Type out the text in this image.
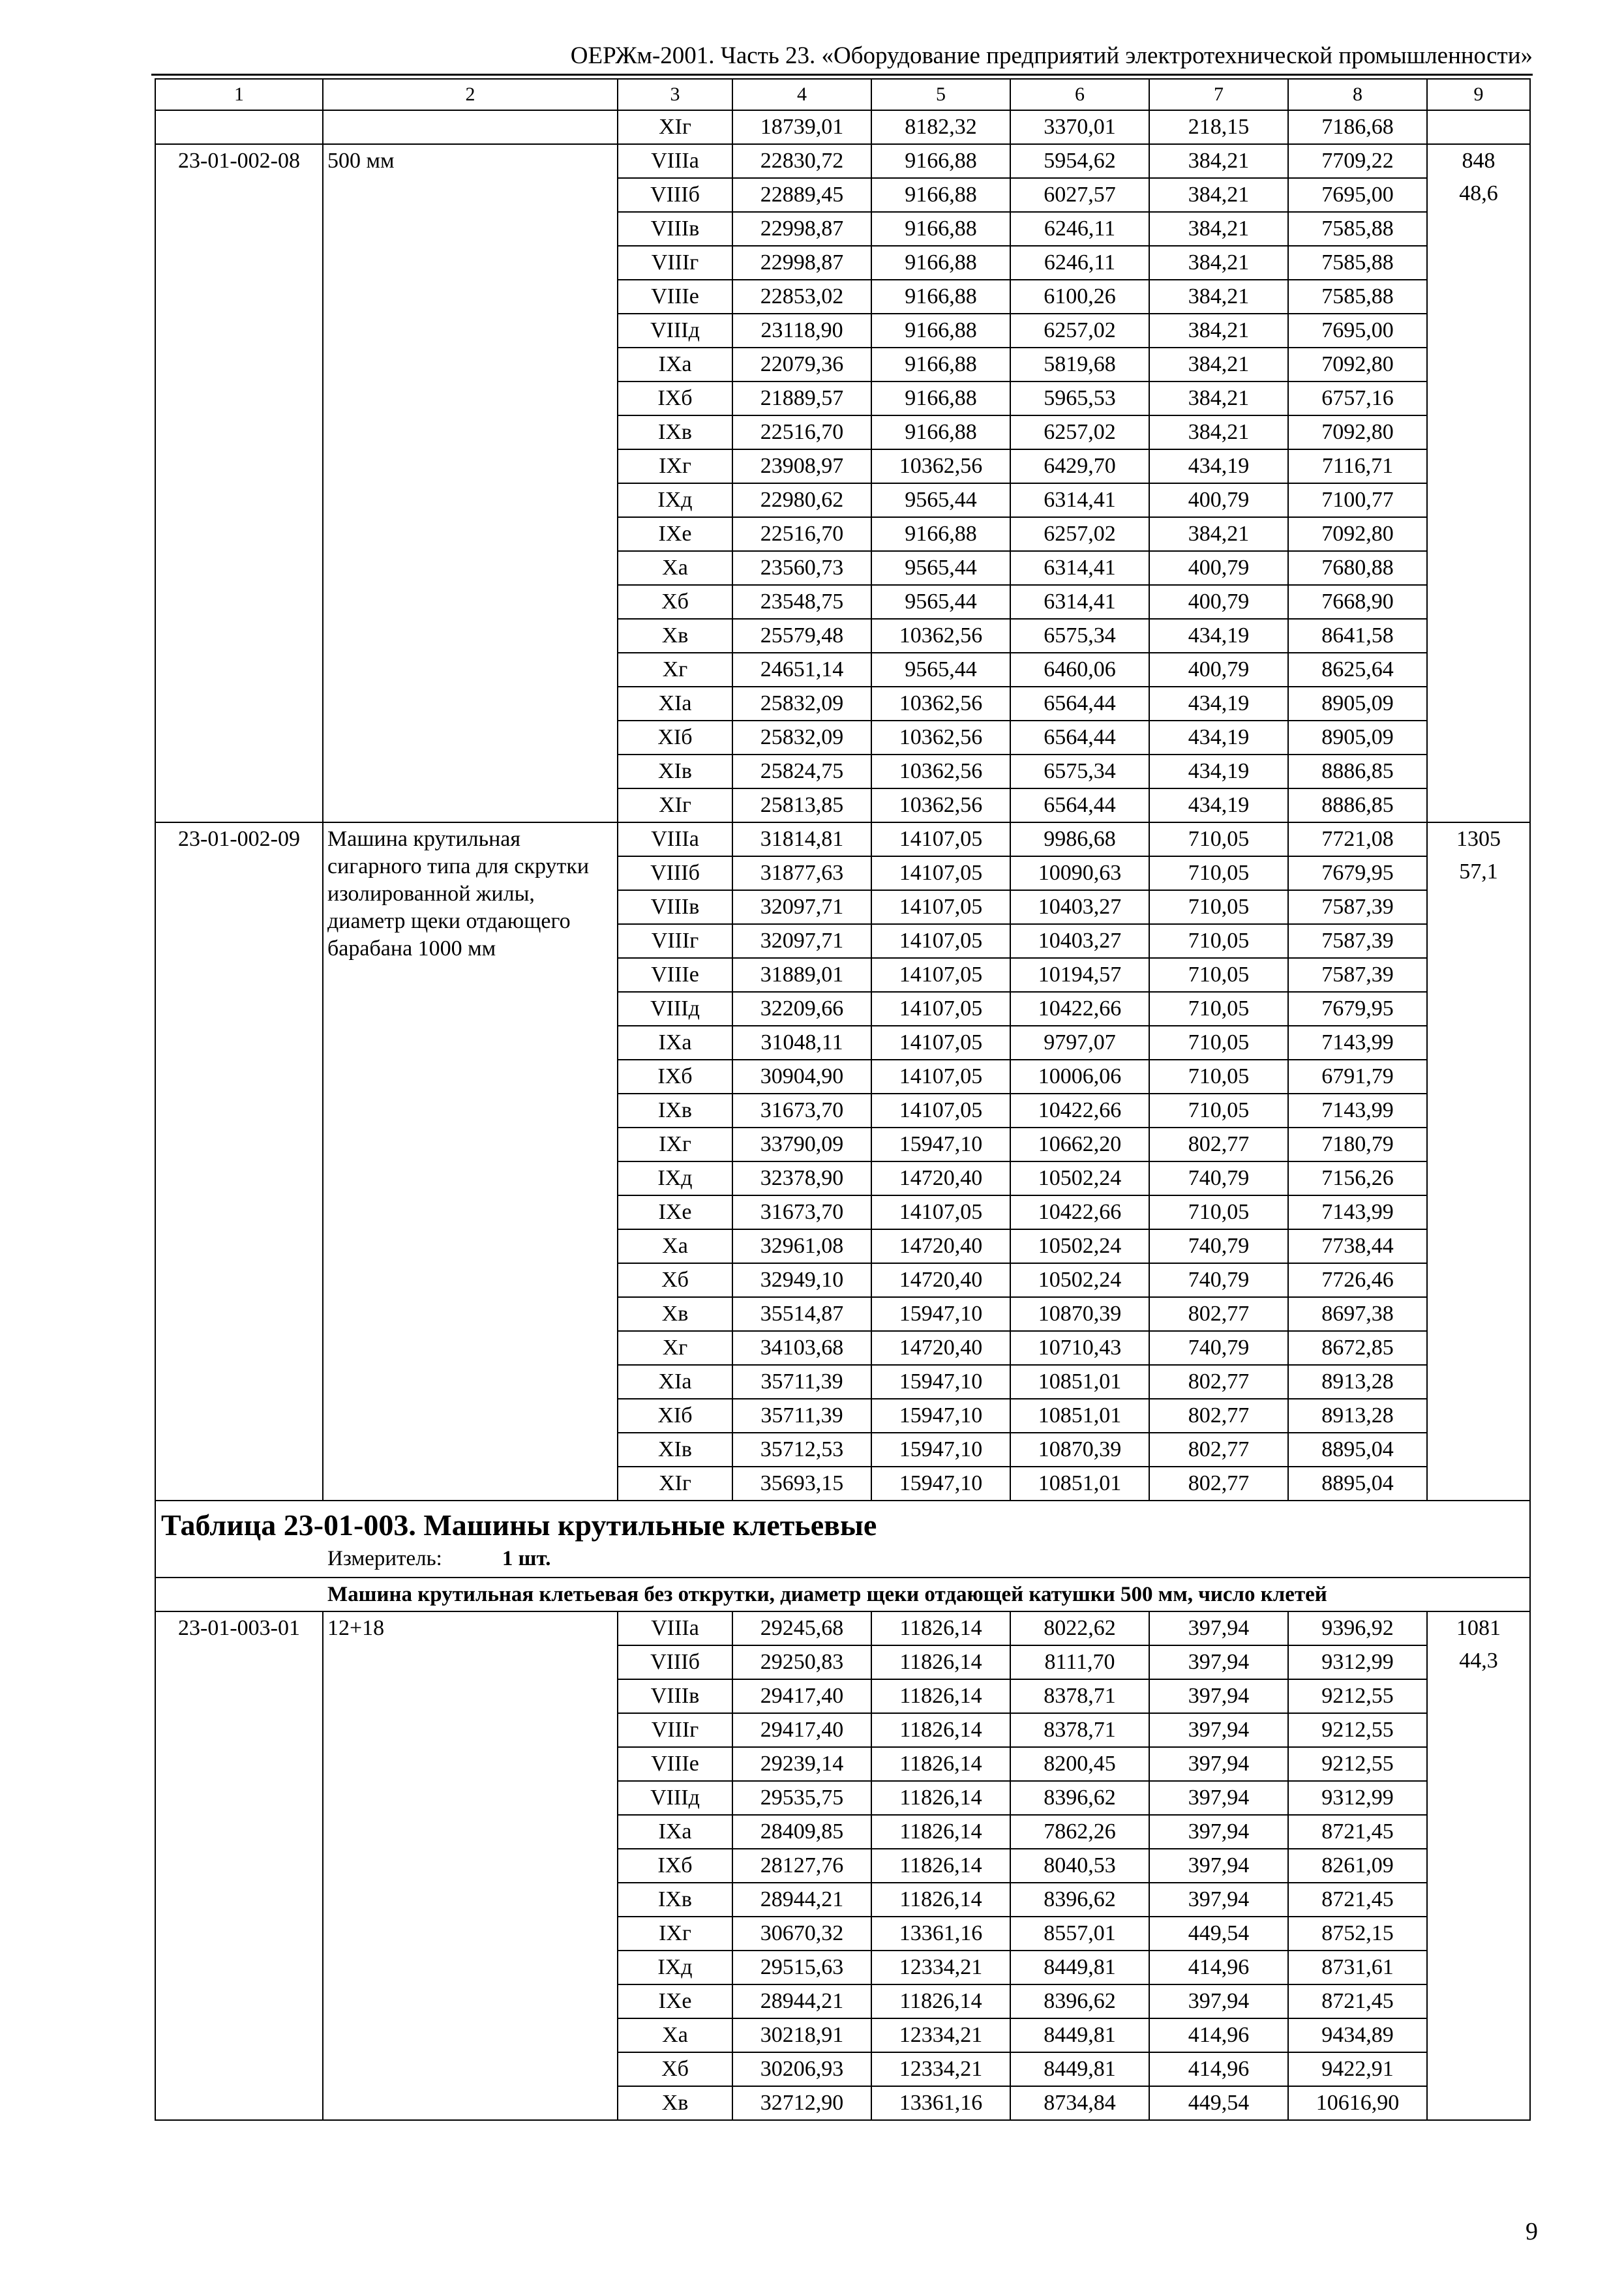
ОЕРЖм-2001. Часть 23. «Оборудование предприятий электротехнической промышленности»
1	2	3	4	5	6	7	8	9
		XIг	18739,01	8182,32	3370,01	218,15	7186,68	
23-01-002-08	500 мм	VIIIа	22830,72	9166,88	5954,62	384,21	7709,22	848
48,6

		VIIIб	22889,45	9166,88	6027,57	384,21	7695,00	
		VIIIв	22998,87	9166,88	6246,11	384,21	7585,88	
		VIIIг	22998,87	9166,88	6246,11	384,21	7585,88	
		VIIIе	22853,02	9166,88	6100,26	384,21	7585,88	
		VIIIд	23118,90	9166,88	6257,02	384,21	7695,00	
		IXа	22079,36	9166,88	5819,68	384,21	7092,80	
		IXб	21889,57	9166,88	5965,53	384,21	6757,16	
		IXв	22516,70	9166,88	6257,02	384,21	7092,80	
		IXг	23908,97	10362,56	6429,70	434,19	7116,71	
		IXд	22980,62	9565,44	6314,41	400,79	7100,77	
		IXе	22516,70	9166,88	6257,02	384,21	7092,80	
		Xа	23560,73	9565,44	6314,41	400,79	7680,88	
		Xб	23548,75	9565,44	6314,41	400,79	7668,90	
		Xв	25579,48	10362,56	6575,34	434,19	8641,58	
		Xг	24651,14	9565,44	6460,06	400,79	8625,64	
		XIа	25832,09	10362,56	6564,44	434,19	8905,09	
		XIб	25832,09	10362,56	6564,44	434,19	8905,09	
		XIв	25824,75	10362,56	6575,34	434,19	8886,85	
		XIг	25813,85	10362,56	6564,44	434,19	8886,85	
23-01-002-09	Машина крутильная сигарного типа для скрутки изолированной жилы, диаметр щеки отдающего барабана 1000 мм	VIIIа	31814,81	14107,05	9986,68	710,05	7721,08	1305
57,1

		VIIIб	31877,63	14107,05	10090,63	710,05	7679,95	
		VIIIв	32097,71	14107,05	10403,27	710,05	7587,39	
		VIIIг	32097,71	14107,05	10403,27	710,05	7587,39	
		VIIIе	31889,01	14107,05	10194,57	710,05	7587,39	
		VIIIд	32209,66	14107,05	10422,66	710,05	7679,95	
		IXа	31048,11	14107,05	9797,07	710,05	7143,99	
		IXб	30904,90	14107,05	10006,06	710,05	6791,79	
		IXв	31673,70	14107,05	10422,66	710,05	7143,99	
		IXг	33790,09	15947,10	10662,20	802,77	7180,79	
		IXд	32378,90	14720,40	10502,24	740,79	7156,26	
		IXе	31673,70	14107,05	10422,66	710,05	7143,99	
		Xа	32961,08	14720,40	10502,24	740,79	7738,44	
		Xб	32949,10	14720,40	10502,24	740,79	7726,46	
		Xв	35514,87	15947,10	10870,39	802,77	8697,38	
		Xг	34103,68	14720,40	10710,43	740,79	8672,85	
		XIа	35711,39	15947,10	10851,01	802,77	8913,28	
		XIб	35711,39	15947,10	10851,01	802,77	8913,28	
		XIв	35712,53	15947,10	10870,39	802,77	8895,04	
		XIг	35693,15	15947,10	10851,01	802,77	8895,04	

Таблица 23-01-003. Машины крутильные клетьевые
Измеритель: 1 шт.								

Машина крутильная клетьевая без открутки, диаметр щеки отдающей катушки 500 мм, число клетей								
23-01-003-01	12+18	VIIIа	29245,68	11826,14	8022,62	397,94	9396,92	1081
44,3

		VIIIб	29250,83	11826,14	8111,70	397,94	9312,99	
		VIIIв	29417,40	11826,14	8378,71	397,94	9212,55	
		VIIIг	29417,40	11826,14	8378,71	397,94	9212,55	
		VIIIе	29239,14	11826,14	8200,45	397,94	9212,55	
		VIIIд	29535,75	11826,14	8396,62	397,94	9312,99	
		IXа	28409,85	11826,14	7862,26	397,94	8721,45	
		IXб	28127,76	11826,14	8040,53	397,94	8261,09	
		IXв	28944,21	11826,14	8396,62	397,94	8721,45	
		IXг	30670,32	13361,16	8557,01	449,54	8752,15	
		IXд	29515,63	12334,21	8449,81	414,96	8731,61	
		IXе	28944,21	11826,14	8396,62	397,94	8721,45	
		Xа	30218,91	12334,21	8449,81	414,96	9434,89	
		Xб	30206,93	12334,21	8449,81	414,96	9422,91	
		Xв	32712,90	13361,16	8734,84	449,54	10616,90	
9
